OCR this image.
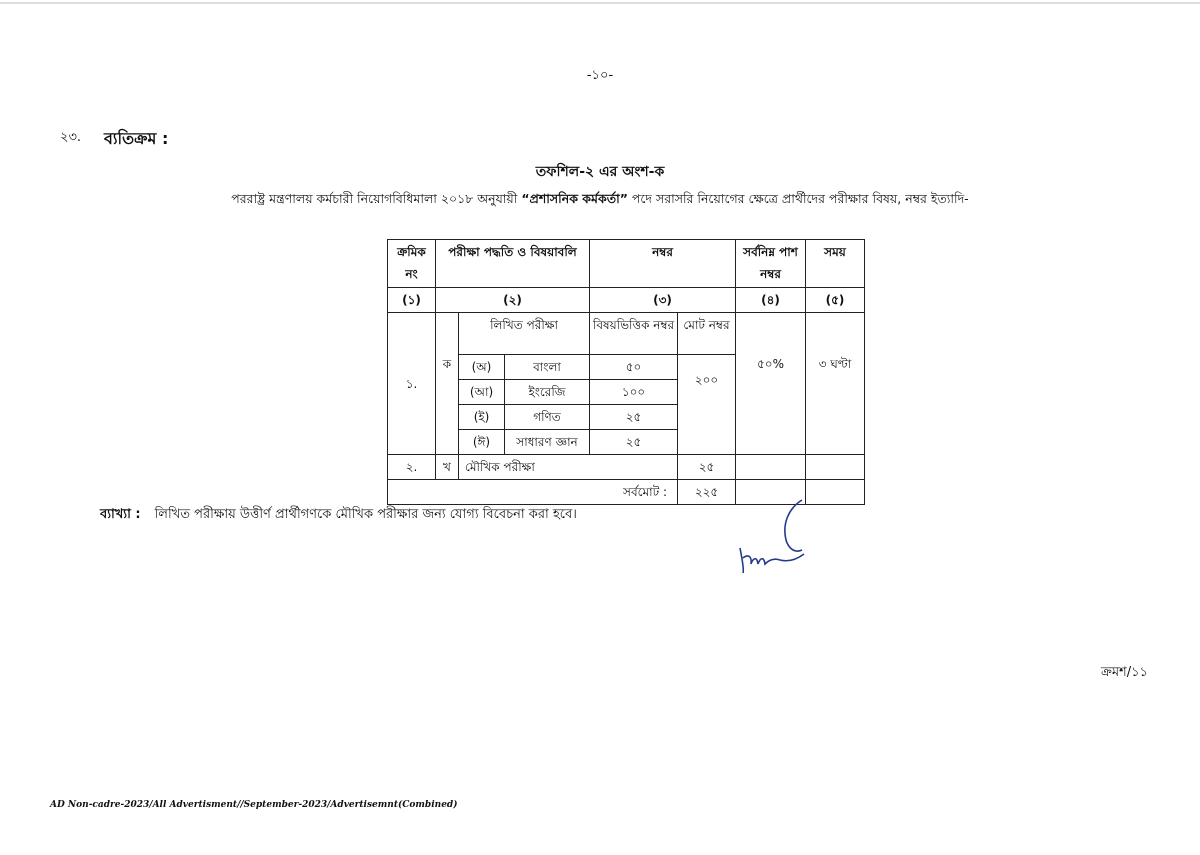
-১০-
২৩. ব্যতিক্রম :
তফশিল-২ এর অংশ-ক
পররাষ্ট্র মন্ত্রণালয় কর্মচারী নিয়োগবিধিমালা ২০১৮ অনুযায়ী “প্রশাসনিক কর্মকর্তা” পদে সরাসরি নিয়োগের ক্ষেত্রে প্রার্থীদের পরীক্ষার বিষয়, নম্বর ইত্যাদি-
ক্রমিক নং	পরীক্ষা পদ্ধতি ও বিষয়াবলি			নম্বর		সর্বনিম্ন পাশ নম্বর	সময়
(১)	(২)			(৩)		(৪)	(৫)
১.	ক	লিখিত পরীক্ষা		বিষয়ভিত্তিক নম্বর	মোট নম্বর	৫০%	৩ ঘণ্টা
		(অ)	বাংলা	৫০	২০০		
		(আ)	ইংরেজি	১০০			
		(ই)	গণিত	২৫			
		(ঈ)	সাধারণ জ্ঞান	২৫			
২.	খ	মৌখিক পরীক্ষা			২৫		
সর্বমোট :					২২৫		
ব্যাখ্যা : লিখিত পরীক্ষায় উত্তীর্ণ প্রার্থীগণকে মৌখিক পরীক্ষার জন্য যোগ্য বিবেচনা করা হবে।
ক্রমশ/১১
AD Non-cadre-2023/All Advertisment//September-2023/Advertisemnt(Combined)
